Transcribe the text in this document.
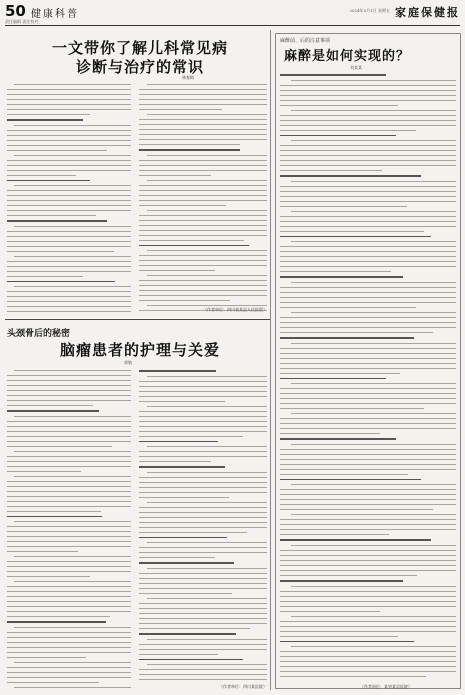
50 健康科普	2024年3月1日 星期五 家庭保健报
责任编辑 责任校对
一文带你了解儿科常见病
诊断与治疗的常识
林春梅
（作者单位：四川省某县人民医院）
头颈骨后的秘密
脑瘤患者的护理与关爱
郭敏
（作者单位：四川某医院）
麻醉前、后的注意事项
麻醉是如何实现的？
刘某某
（作者单位：某省某县医院）
